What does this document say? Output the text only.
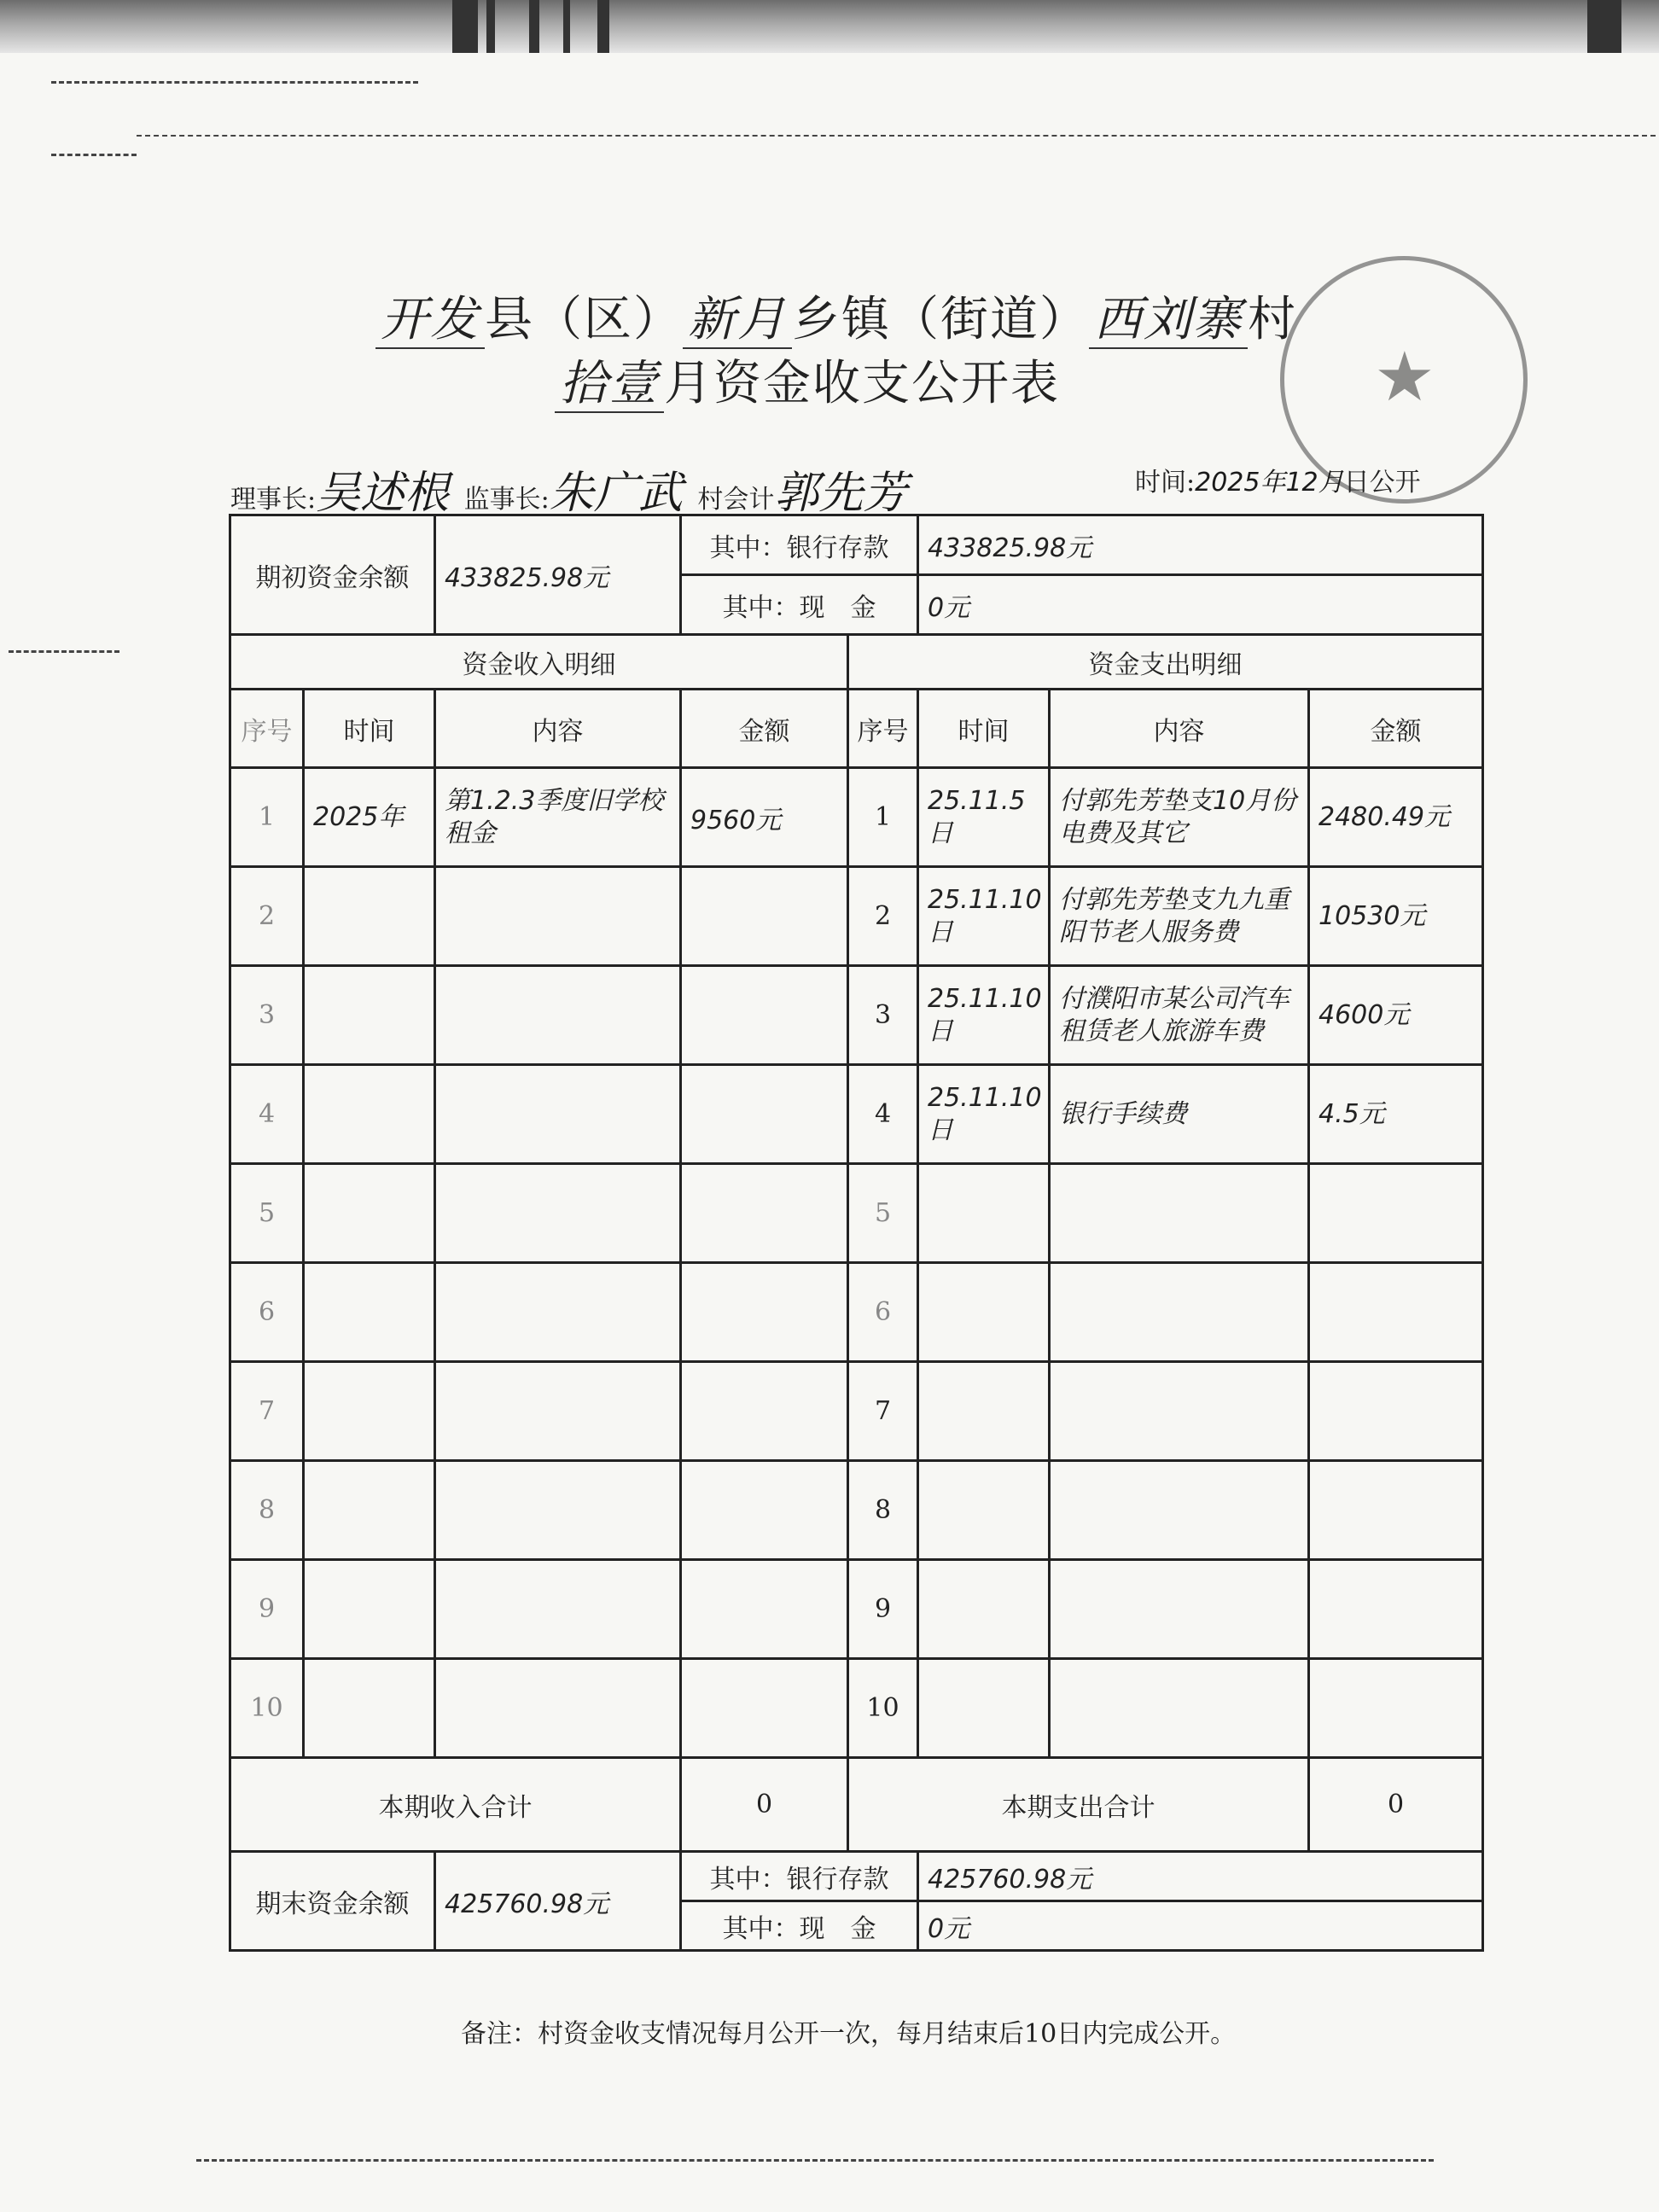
开发 县（区） 新月 乡镇（街道） 西刘寨 村
拾壹 月资金收支公开表	★
理事长:吴述根 监事长:朱广武 村会计郭先芳	时间:2025年12月日公开
期初资金余额		433825.98元	其中：银行存款		433825.98元		
			其中：现　金		0元		
资金收入明细				资金支出明细			
序号	时间	内容	金额	序号	时间	内容	金额
1	2025年	第1.2.3季度旧学校租金	9560元	1	25.11.5日	付郭先芳垫支10月份电费及其它	2480.49元
2				2	25.11.10日	付郭先芳垫支九九重阳节老人服务费	10530元
3				3	25.11.10日	付濮阳市某公司汽车租赁老人旅游车费	4600元
4				4	25.11.10日	银行手续费	4.5元
5				5			
6				6			
7				7			
8				8			
9				9			
10				10			
本期收入合计			0	本期支出合计			0
期末资金余额		425760.98元	其中：银行存款		425760.98元		
			其中：现　金		0元		
备注：村资金收支情况每月公开一次，每月结束后10日内完成公开。
